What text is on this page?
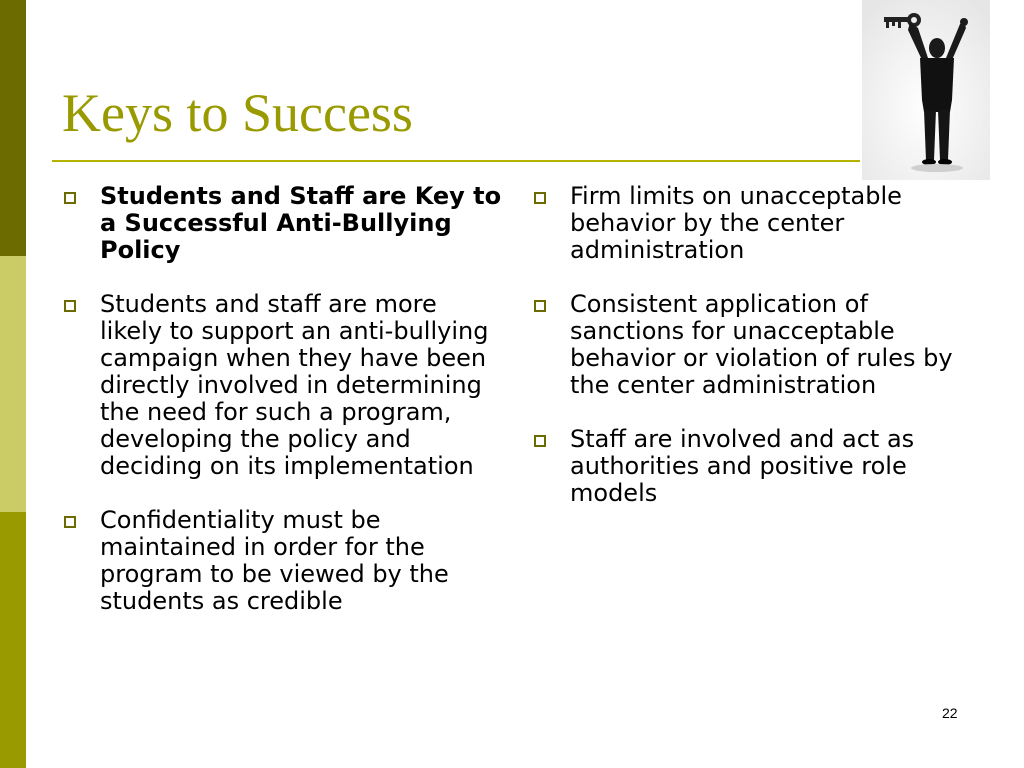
Keys to Success
Students and Staff are Key to a Successful Anti-Bullying Policy
Students and staff are more likely to support an anti-bullying campaign when they have been directly involved in determining the need for such a program, developing the policy and deciding on its implementation
Confidentiality must be maintained in order for the program to be viewed by the students as credible
Firm limits on unacceptable behavior by the center administration
Consistent application of sanctions for unacceptable behavior or violation of rules by the center administration
Staff are involved and act as authorities and positive role models
22
